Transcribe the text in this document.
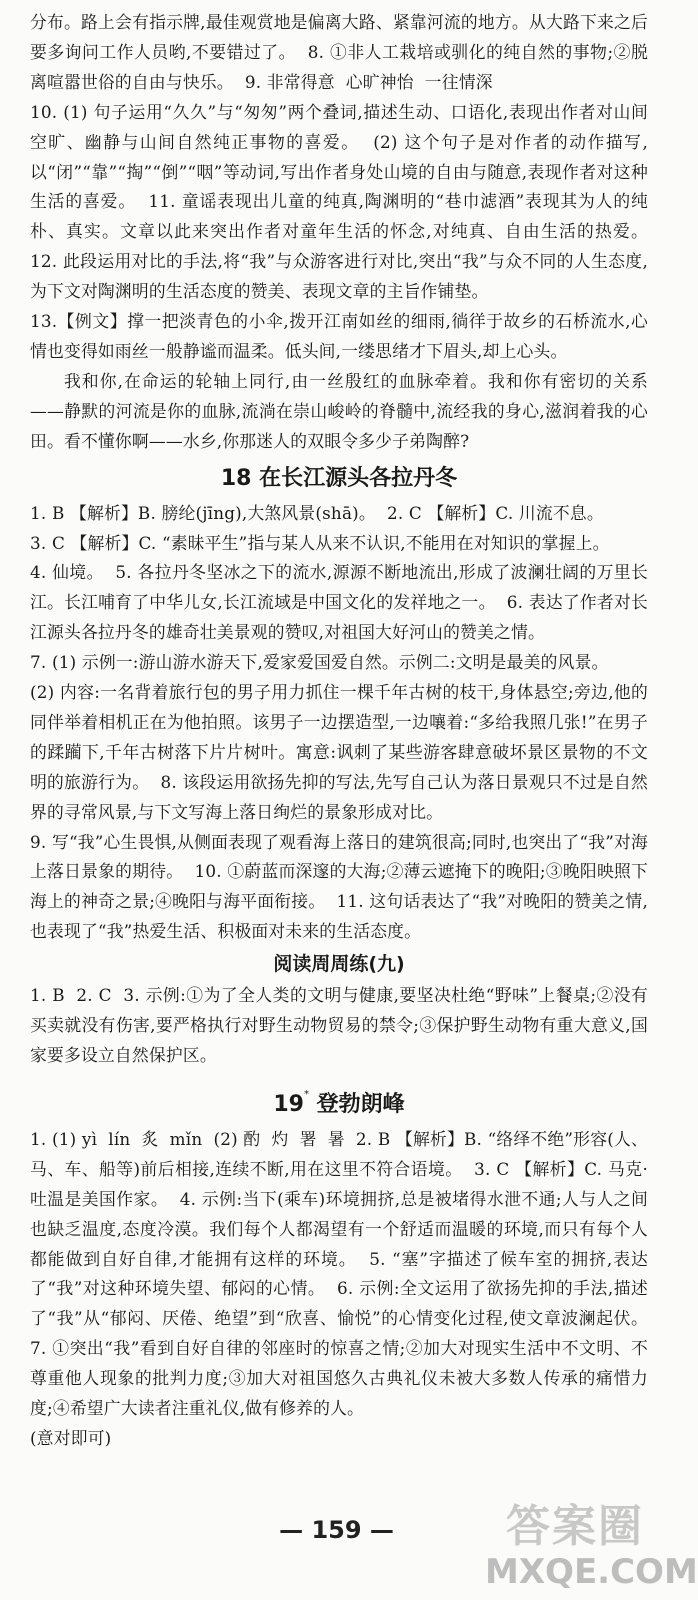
分布。路上会有指示牌,最佳观赏地是偏离大路、紧靠河流的地方。从大路下来之后要多询问工作人员哟,不要错过了。  8. ①非人工栽培或驯化的纯自然的事物;②脱离喧嚣世俗的自由与快乐。  9. 非常得意  心旷神怡  一往情深

10. (1) 句子运用“久久”与“匆匆”两个叠词,描述生动、口语化,表现出作者对山间空旷、幽静与山间自然纯正事物的喜爱。  (2) 这个句子是对作者的动作描写,以“闭”“靠”“掏”“倒”“咽”等动词,写出作者身处山境的自由与随意,表现作者对这种生活的喜爱。  11. 童谣表现出儿童的纯真,陶渊明的“巷巾滤酒”表现其为人的纯朴、真实。文章以此来突出作者对童年生活的怀念,对纯真、自由生活的热爱。  12. 此段运用对比的手法,将“我”与众游客进行对比,突出“我”与众不同的人生态度,为下文对陶渊明的生活态度的赞美、表现文章的主旨作铺垫。

13.【例文】撑一把淡青色的小伞,拨开江南如丝的细雨,徜徉于故乡的石桥流水,心情也变得如雨丝一般静谧而温柔。低头间,一缕思绪才下眉头,却上心头。

我和你,在命运的轮轴上同行,由一丝殷红的血脉牵着。我和你有密切的关系——静默的河流是你的血脉,流淌在崇山峻岭的脊髓中,流经我的身心,滋润着我的心田。看不懂你啊——水乡,你那迷人的双眼令多少子弟陶醉?

18 在长江源头各拉丹冬

1. B 【解析】B. 膀纶(jīng),大煞风景(shā)。  2. C 【解析】C. 川流不息。

3. C 【解析】C. “素昧平生”指与某人从来不认识,不能用在对知识的掌握上。

4. 仙境。  5. 各拉丹冬坚冰之下的流水,源源不断地流出,形成了波澜壮阔的万里长江。长江哺育了中华儿女,长江流域是中国文化的发祥地之一。  6. 表达了作者对长江源头各拉丹冬的雄奇壮美景观的赞叹,对祖国大好河山的赞美之情。

7. (1) 示例一:游山游水游天下,爱家爱国爱自然。示例二:文明是最美的风景。

(2) 内容:一名背着旅行包的男子用力抓住一棵千年古树的枝干,身体悬空;旁边,他的同伴举着相机正在为他拍照。该男子一边摆造型,一边嚷着:“多给我照几张!”在男子的蹂躏下,千年古树落下片片树叶。寓意:讽刺了某些游客肆意破坏景区景物的不文明的旅游行为。  8. 该段运用欲扬先抑的写法,先写自己认为落日景观只不过是自然界的寻常风景,与下文写海上落日绚烂的景象形成对比。

9. 写“我”心生畏惧,从侧面表现了观看海上落日的建筑很高;同时,也突出了“我”对海上落日景象的期待。  10. ①蔚蓝而深邃的大海;②薄云遮掩下的晚阳;③晚阳映照下海上的神奇之景;④晚阳与海平面衔接。  11. 这句话表达了“我”对晚阳的赞美之情,也表现了“我”热爱生活、积极面对未来的生活态度。

阅读周周练(九)

1. B  2. C  3. 示例:①为了全人类的文明与健康,要坚决杜绝“野味”上餐桌;②没有买卖就没有伤害,要严格执行对野生动物贸易的禁令;③保护野生动物有重大意义,国家要多设立自然保护区。

19* 登勃朗峰

1. (1) yì  lín  炙  mǐn  (2) 酌  灼  署  暑  2. B 【解析】B. “络绎不绝”形容(人、马、车、船等)前后相接,连续不断,用在这里不符合语境。  3. C 【解析】C. 马克·吐温是美国作家。  4. 示例:当下(乘车)环境拥挤,总是被堵得水泄不通;人与人之间也缺乏温度,态度冷漠。我们每个人都渴望有一个舒适而温暖的环境,而只有每个人都能做到自好自律,才能拥有这样的环境。  5. “塞”字描述了候车室的拥挤,表达了“我”对这种环境失望、郁闷的心情。  6. 示例:全文运用了欲扬先抑的手法,描述了“我”从“郁闷、厌倦、绝望”到“欣喜、愉悦”的心情变化过程,使文章波澜起伏。  7. ①突出“我”看到自好自律的邻座时的惊喜之情;②加大对现实生活中不文明、不尊重他人现象的批判力度;③加大对祖国悠久古典礼仪未被大多数人传承的痛惜力度;④希望广大读者注重礼仪,做有修养的人。

(意对即可)

— 159 —	答案圈
MXQE.COM
